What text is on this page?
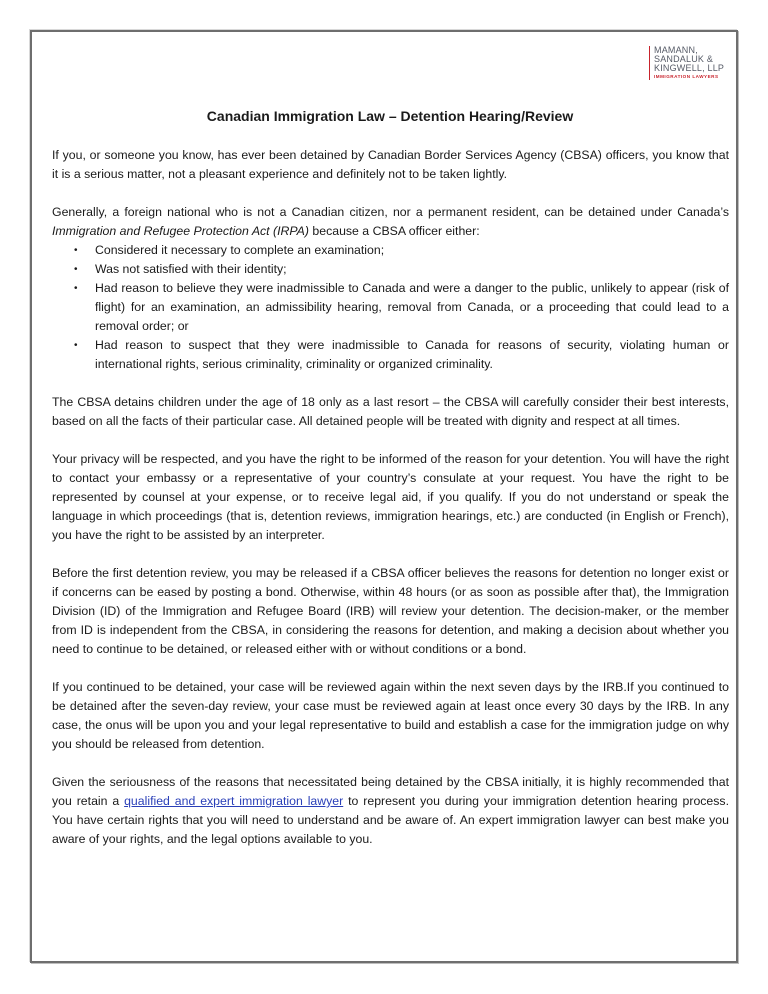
MAMANN,
SANDALUK &
KINGWELL, LLP
IMMIGRATION LAWYERS
Canadian Immigration Law – Detention Hearing/Review

If you, or someone you know, has ever been detained by Canadian Border Services Agency (CBSA) officers, you know that it is a serious matter, not a pleasant experience and definitely not to be taken lightly.

Generally, a foreign national who is not a Canadian citizen, nor a permanent resident, can be detained under Canada’s Immigration and Refugee Protection Act (IRPA) because a CBSA officer either:

• Considered it necessary to complete an examination;
• Was not satisfied with their identity;
• Had reason to believe they were inadmissible to Canada and were a danger to the public, unlikely to appear (risk of flight) for an examination, an admissibility hearing, removal from Canada, or a proceeding that could lead to a removal order; or
• Had reason to suspect that they were inadmissible to Canada for reasons of security, violating human or international rights, serious criminality, criminality or organized criminality.

The CBSA detains children under the age of 18 only as a last resort – the CBSA will carefully consider their best interests, based on all the facts of their particular case. All detained people will be treated with dignity and respect at all times.

Your privacy will be respected, and you have the right to be informed of the reason for your detention. You will have the right to contact your embassy or a representative of your country’s consulate at your request. You have the right to be represented by counsel at your expense, or to receive legal aid, if you qualify. If you do not understand or speak the language in which proceedings (that is, detention reviews, immigration hearings, etc.) are conducted (in English or French), you have the right to be assisted by an interpreter.

Before the first detention review, you may be released if a CBSA officer believes the reasons for detention no longer exist or if concerns can be eased by posting a bond. Otherwise, within 48 hours (or as soon as possible after that), the Immigration Division (ID) of the Immigration and Refugee Board (IRB) will review your detention. The decision-maker, or the member from ID is independent from the CBSA, in considering the reasons for detention, and making a decision about whether you need to continue to be detained, or released either with or without conditions or a bond.

If you continued to be detained, your case will be reviewed again within the next seven days by the IRB.If you continued to be detained after the seven-day review, your case must be reviewed again at least once every 30 days by the IRB. In any case, the onus will be upon you and your legal representative to build and establish a case for the immigration judge on why you should be released from detention.

Given the seriousness of the reasons that necessitated being detained by the CBSA initially, it is highly recommended that you retain a qualified and expert immigration lawyer to represent you during your immigration detention hearing process. You have certain rights that you will need to understand and be aware of. An expert immigration lawyer can best make you aware of your rights, and the legal options available to you.
